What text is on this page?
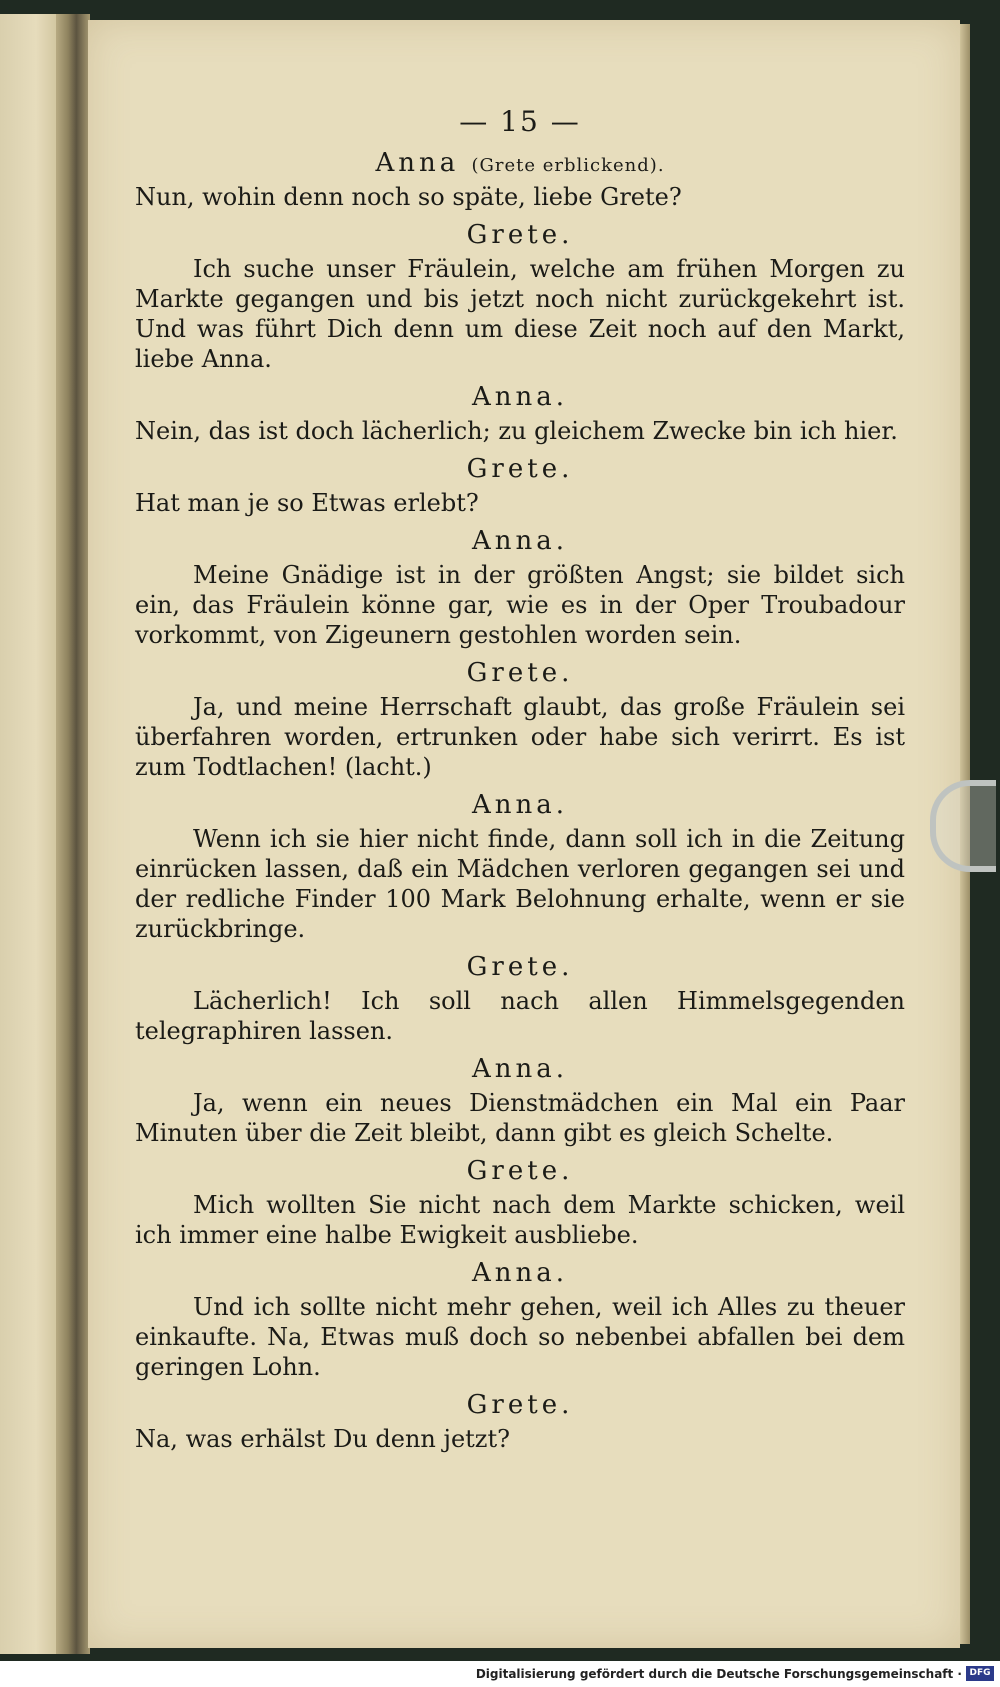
— 15 —
Anna (Grete erblickend).

Nun, wohin denn noch so späte, liebe Grete?

Grete.

Ich suche unser Fräulein, welche am frühen Morgen zu Markte gegangen und bis jetzt noch nicht zurückgekehrt ist. Und was führt Dich denn um diese Zeit noch auf den Markt, liebe Anna.

Anna.

Nein, das ist doch lächerlich; zu gleichem Zwecke bin ich hier.

Grete.

Hat man je so Etwas erlebt?

Anna.

Meine Gnädige ist in der größten Angst; sie bildet sich ein, das Fräulein könne gar, wie es in der Oper Troubadour vorkommt, von Zigeunern gestohlen worden sein.

Grete.

Ja, und meine Herrschaft glaubt, das große Fräulein sei überfahren worden, ertrunken oder habe sich verirrt. Es ist zum Todtlachen! (lacht.)

Anna.

Wenn ich sie hier nicht finde, dann soll ich in die Zeitung einrücken lassen, daß ein Mädchen verloren gegangen sei und der redliche Finder 100 Mark Belohnung erhalte, wenn er sie zurückbringe.

Grete.

Lächerlich! Ich soll nach allen Himmelsgegenden telegraphiren lassen.

Anna.

Ja, wenn ein neues Dienstmädchen ein Mal ein Paar Minuten über die Zeit bleibt, dann gibt es gleich Schelte.

Grete.

Mich wollten Sie nicht nach dem Markte schicken, weil ich immer eine halbe Ewigkeit ausbliebe.

Anna.

Und ich sollte nicht mehr gehen, weil ich Alles zu theuer einkaufte. Na, Etwas muß doch so nebenbei abfallen bei dem geringen Lohn.

Grete.

Na, was erhälst Du denn jetzt?

Digitalisierung gefördert durch die Deutsche Forschungsgemeinschaft · DFG
